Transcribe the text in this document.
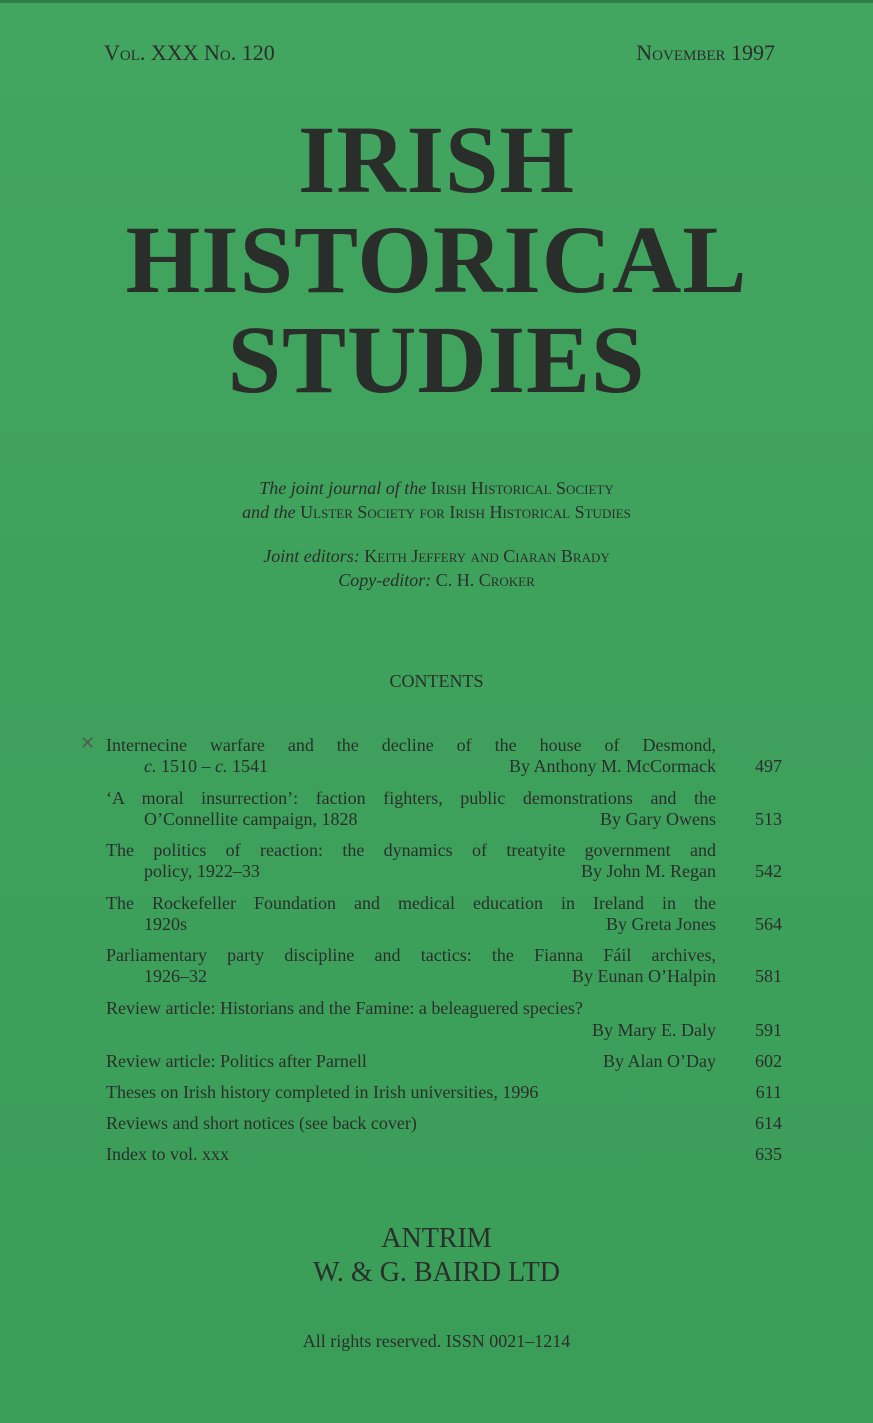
Vol. XXX No. 120	November 1997
IRISH
HISTORICAL
STUDIES
The joint journal of the Irish Historical Society
and the Ulster Society for Irish Historical Studies
Joint editors: Keith Jeffery and Ciaran Brady
Copy-editor: C. H. Croker
CONTENTS
✕ Internecine warfare and the decline of the house of Desmond,
c. 1510 – c. 1541	By Anthony M. McCormack 497
‘A moral insurrection’: faction fighters, public demonstrations and the
O’Connellite campaign, 1828	By Gary Owens 513
The politics of reaction: the dynamics of treatyite government and
policy, 1922–33	By John M. Regan 542
The Rockefeller Foundation and medical education in Ireland in the
1920s	By Greta Jones 564
Parliamentary party discipline and tactics: the Fianna Fáil archives,
1926–32	By Eunan O’Halpin 581
Review article: Historians and the Famine: a beleaguered species?
By Mary E. Daly 591
Review article: Politics after Parnell	By Alan O’Day 602
Theses on Irish history completed in Irish universities, 1996	611
Reviews and short notices (see back cover)	614
Index to vol. xxx	635
ANTRIM
W. & G. BAIRD LTD
All rights reserved. ISSN 0021–1214
